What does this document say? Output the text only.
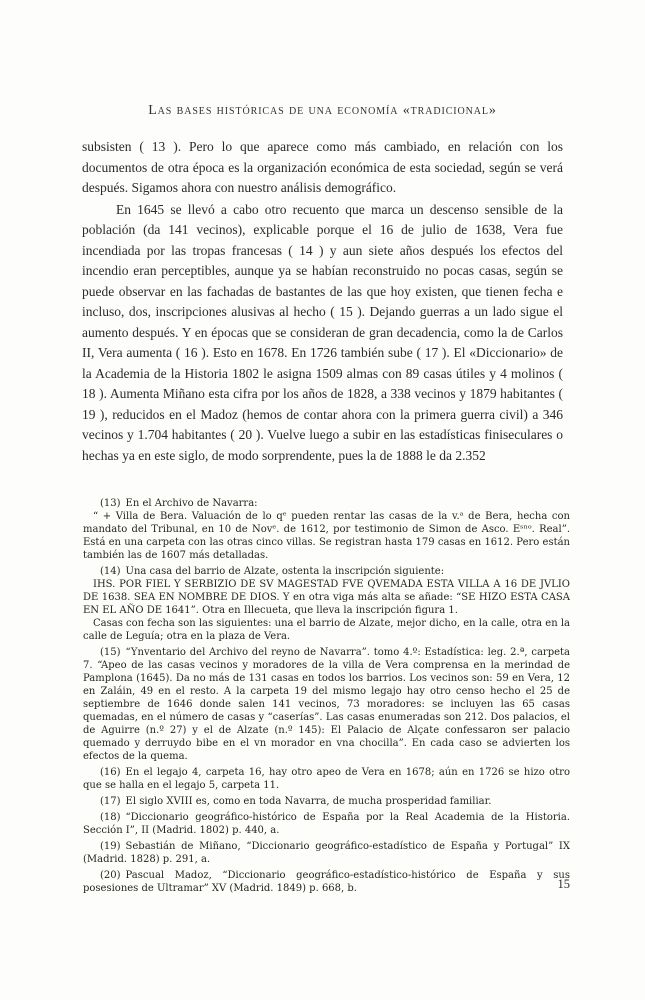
Las bases históricas de una economía «tradicional»

subsisten ( 13 ). Pero lo que aparece como más cambiado, en relación con los documentos de otra época es la organización económica de esta sociedad, según se verá después. Sigamos ahora con nuestro análisis demográfico.

En 1645 se llevó a cabo otro recuento que marca un descenso sensible de la población (da 141 vecinos), explicable porque el 16 de julio de 1638, Vera fue incendiada por las tropas francesas ( 14 ) y aun siete años después los efectos del incendio eran perceptibles, aunque ya se habían reconstruido no pocas casas, según se puede observar en las fachadas de bastantes de las que hoy existen, que tienen fecha e incluso, dos, inscripciones alusivas al hecho ( 15 ). Dejando guerras a un lado sigue el aumento después. Y en épocas que se consideran de gran decadencia, como la de Carlos II, Vera aumenta ( 16 ). Esto en 1678. En 1726 también sube ( 17 ). El «Diccionario» de la Academia de la Historia 1802 le asigna 1509 almas con 89 casas útiles y 4 molinos ( 18 ). Aumenta Miñano esta cifra por los años de 1828, a 338 vecinos y 1879 habitantes ( 19 ), reducidos en el Madoz (hemos de contar ahora con la primera guerra civil) a 346 vecinos y 1.704 habitantes ( 20 ). Vuelve luego a subir en las estadísticas finiseculares o hechas ya en este siglo, de modo sorprendente, pues la de 1888 le da 2.352

(13) En el Archivo de Navarra:

“ + Villa de Bera. Valuación de lo qᵉ pueden rentar las casas de la v.ᵃ de Bera, hecha con mandato del Tribunal, en 10 de Novᵉ. de 1612, por testimonio de Simon de Asco. Eˢⁿᵒ. Real”. Está en una carpeta con las otras cinco villas. Se registran hasta 179 casas en 1612. Pero están también las de 1607 más detalladas.

(14) Una casa del barrio de Alzate, ostenta la inscripción siguiente:

IHS. POR FIEL Y SERBIZIO DE SV MAGESTAD FVE QVEMADA ESTA VILLA A 16 DE JVLIO DE 1638. SEA EN NOMBRE DE DIOS. Y en otra viga más alta se añade: “SE HIZO ESTA CASA EN EL AÑO DE 1641”. Otra en Illecueta, que lleva la inscripción figura 1.

Casas con fecha son las siguientes: una el barrio de Alzate, mejor dicho, en la calle, otra en la calle de Leguía; otra en la plaza de Vera.

(15) “Ynventario del Archivo del reyno de Navarra”. tomo 4.º: Estadística: leg. 2.ª, carpeta 7. “Apeo de las casas vecinos y moradores de la villa de Vera comprensa en la merindad de Pamplona (1645). Da no más de 131 casas en todos los barrios. Los vecinos son: 59 en Vera, 12 en Zaláin, 49 en el resto. A la carpeta 19 del mismo legajo hay otro censo hecho el 25 de septiembre de 1646 donde salen 141 vecinos, 73 moradores: se incluyen las 65 casas quemadas, en el número de casas y “caserías”. Las casas enumeradas son 212. Dos palacios, el de Aguirre (n.º 27) y el de Alzate (n.º 145): El Palacio de Alçate confessaron ser palacio quemado y derruydo bibe en el vn morador en vna chocilla”. En cada caso se advierten los efectos de la quema.

(16) En el legajo 4, carpeta 16, hay otro apeo de Vera en 1678; aún en 1726 se hizo otro que se halla en el legajo 5, carpeta 11.

(17) El siglo XVIII es, como en toda Navarra, de mucha prosperidad familiar.

(18) “Diccionario geográfico-histórico de España por la Real Academia de la Historia. Sección I”, II (Madrid. 1802) p. 440, a.

(19) Sebastián de Miñano, “Diccionario geográfico-estadístico de España y Portugal” IX (Madrid. 1828) p. 291, a.

(20) Pascual Madoz, “Diccionario geográfico-estadístico-histórico de España y sus posesiones de Ultramar” XV (Madrid. 1849) p. 668, b.	15
